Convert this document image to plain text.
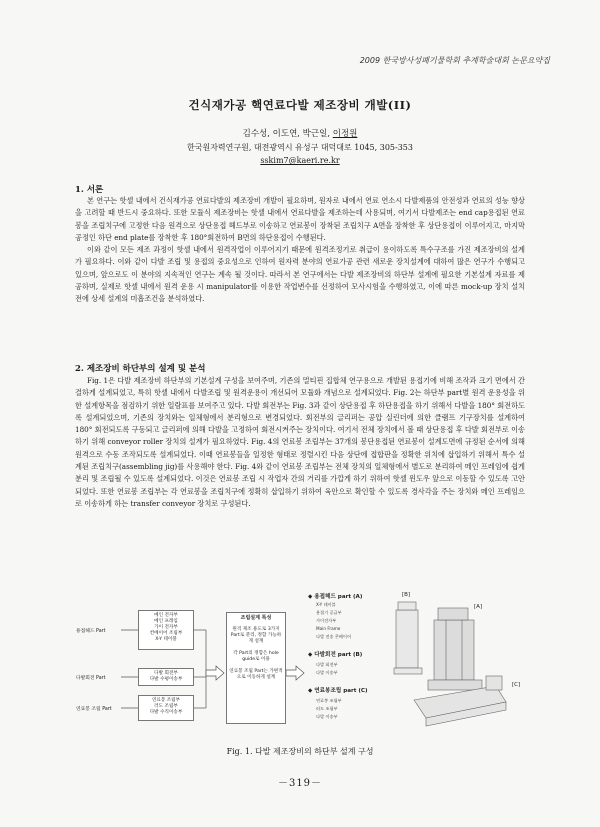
2009 한국방사성폐기물학회 추계학술대회 논문요약집
건식재가공 핵연료다발 제조장비 개발(II)
김수성, 이도연, 박근일, 이정원
한국원자력연구원, 대전광역시 유성구 대덕대로 1045, 305-353
sskim7@kaeri.re.kr
1. 서론

본 연구는 핫셀 내에서 건식재가공 연료다발의 제조장비 개발이 필요하며, 원자로 내에서 연료 연소시 다발제품의 안전성과 연료의 성능 향상을 고려할 때 반드시 중요하다. 또한 모듈식 제조장비는 핫셀 내에서 연료다발을 제조하는데 사용되며, 여기서 다발제조는 end cap용접된 연료봉을 조립치구에 고정한 다음 원격으로 상단용접 헤드부로 이송하고 연료봉이 장착된 조립치구 A면을 장착한 후 상단용접이 이루어지고, 마지막 공정인 하단 end plate를 장착한 후 180°회전하여 B면의 하단용접이 수행된다.

이와 같이 모든 제조 과정이 핫셀 내에서 원격작업이 이루어지기 때문에 원격조정기로 취급이 용이하도록 특수구조를 가진 제조장비의 설계가 필요하다. 이와 같이 다발 조립 및 용접의 중요성으로 인하여 원자력 분야의 연료가공 관련 새로운 장치설계에 대하여 많은 연구가 수행되고 있으며, 앞으로도 이 분야의 지속적인 연구는 계속 될 것이다. 따라서 본 연구에서는 다발 제조장비의 하단부 설계에 필요한 기본설계 자료를 제공하며, 실제로 핫셀 내에서 원격 운용 시 manipulator를 이용한 작업변수를 선정하여 모사시험을 수행하였고, 이에 따른 mock-up 장치 설치 전에 상세 설계의 미흡조건을 분석하였다.

2. 제조장비 하단부의 설계 및 분석

Fig. 1은 다발 제조장비 하단부의 기본설계 구성을 보여주며, 기존의 멀티핀 집합체 연구용으로 개발된 용접기에 비해 조작과 크기 면에서 간결하게 설계되었고, 특히 핫셀 내에서 다발조립 및 원격운용이 개선되어 모듈화 개념으로 설계되었다. Fig. 2는 하단부 part별 원격 운용성을 위한 설계항목을 점검하기 위한 일람표를 보여주고 있다. 다발 회전부는 Fig. 3과 같이 상단용접 후 하단용접을 하기 위해서 다발을 180° 회전하도록 설계되었으며, 기존의 장치와는 일체형에서 분리형으로 변경되었다. 회전부의 글리퍼는 공압 실린더에 의한 클램프 기구장치를 설계하여 180° 회전되도록 구동되고 글리퍼에 의해 다발을 고정하여 회전시켜주는 장치이다. 여기서 전체 장치에서 볼 때 상단용접 후 다발 회전부로 이송하기 위해 conveyor roller 장치의 설계가 필요하였다. Fig. 4의 연료봉 조립부는 37개의 봉단용접된 연료봉이 설계도면에 규정된 순서에 의해 원격으로 수동 조작되도록 설계되었다. 이때 연료봉들을 일정한 형태로 정렬시킨 다음 상단에 접합판을 정확한 위치에 삽입하기 위해서 특수 설계된 조립치구(assembling jig)를 사용해야 한다. Fig. 4와 같이 연료봉 조립부는 전체 장치의 일체형에서 별도로 분리하여 메인 프레임에 쉽게 분리 및 조립될 수 있도록 설계되었다. 이것은 연료봉 조립 시 작업자 간의 거리를 가깝게 하기 위하여 핫셀 윈도우 앞으로 이동할 수 있도록 고안되었다. 또한 연료봉 조립부는 각 연료봉을 조립치구에 정확히 삽입하기 위하여 육안으로 확인할 수 있도록 경사각을 주는 장치와 메인 프레임으로 이송하게 하는 transfer conveyor 장치로 구성된다.

용접헤드 Part
다발회전 Part
연료봉 조립 Part
메인 전자부
메인 프레임
가이 전자부
컨베이어 조립부
X-Y 테이블
다발 회전부
다발 수평이송부
연료봉 조립부
러도 조립부
다발 수직이송부
조립설계 특성
원격 제조 용도로 3가지 Part로 분리, 정합 가능하게 설계
각 Part의 정합은 hole guide로 이용
연료봉 조립 Part는 가변적으로 이동하게 설계
◆ 용접헤드 part (A)
X-Y 테이블
용접기 공급부
가이전자부
Main Frame
다발 전송 콘베이어
◆ 다발회전 part (B)
다발 회전부
다발 이송부
◆ 연료봉조립 part (C)
연료봉 조립부
러도 조립부
다발 이송부
[B]
[A]
[C]
Fig. 1. 다발 제조장비의 하단부 설계 구성
－319－
